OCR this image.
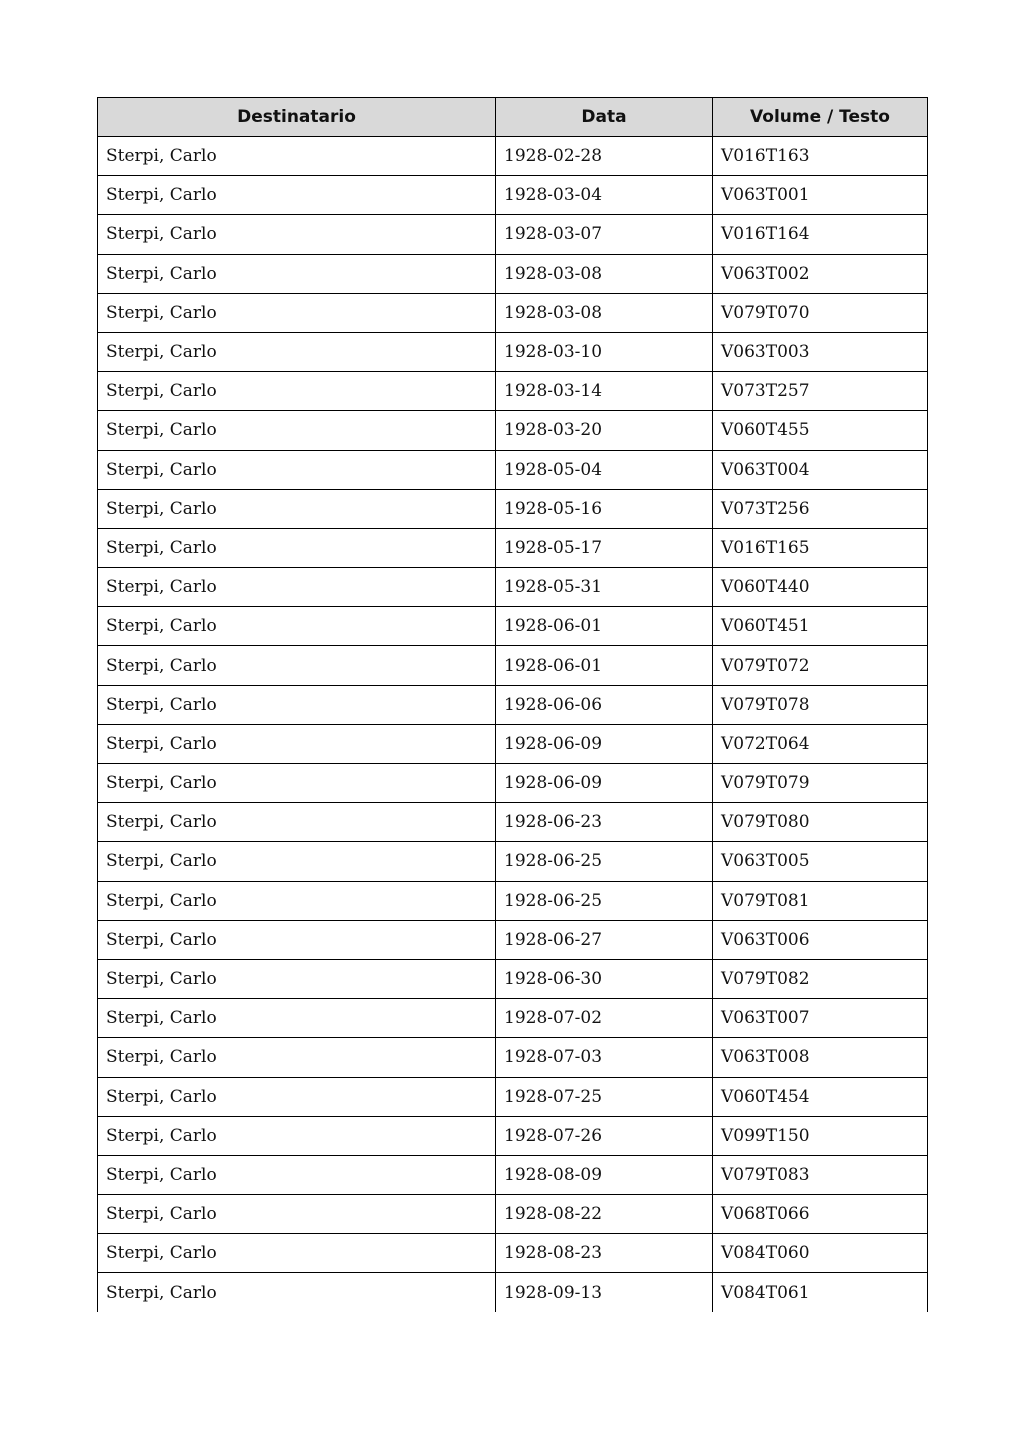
Destinatario	Data	Volume / Testo
Sterpi, Carlo	1928-02-28	V016T163
Sterpi, Carlo	1928-03-04	V063T001
Sterpi, Carlo	1928-03-07	V016T164
Sterpi, Carlo	1928-03-08	V063T002
Sterpi, Carlo	1928-03-08	V079T070
Sterpi, Carlo	1928-03-10	V063T003
Sterpi, Carlo	1928-03-14	V073T257
Sterpi, Carlo	1928-03-20	V060T455
Sterpi, Carlo	1928-05-04	V063T004
Sterpi, Carlo	1928-05-16	V073T256
Sterpi, Carlo	1928-05-17	V016T165
Sterpi, Carlo	1928-05-31	V060T440
Sterpi, Carlo	1928-06-01	V060T451
Sterpi, Carlo	1928-06-01	V079T072
Sterpi, Carlo	1928-06-06	V079T078
Sterpi, Carlo	1928-06-09	V072T064
Sterpi, Carlo	1928-06-09	V079T079
Sterpi, Carlo	1928-06-23	V079T080
Sterpi, Carlo	1928-06-25	V063T005
Sterpi, Carlo	1928-06-25	V079T081
Sterpi, Carlo	1928-06-27	V063T006
Sterpi, Carlo	1928-06-30	V079T082
Sterpi, Carlo	1928-07-02	V063T007
Sterpi, Carlo	1928-07-03	V063T008
Sterpi, Carlo	1928-07-25	V060T454
Sterpi, Carlo	1928-07-26	V099T150
Sterpi, Carlo	1928-08-09	V079T083
Sterpi, Carlo	1928-08-22	V068T066
Sterpi, Carlo	1928-08-23	V084T060
Sterpi, Carlo	1928-09-13	V084T061
